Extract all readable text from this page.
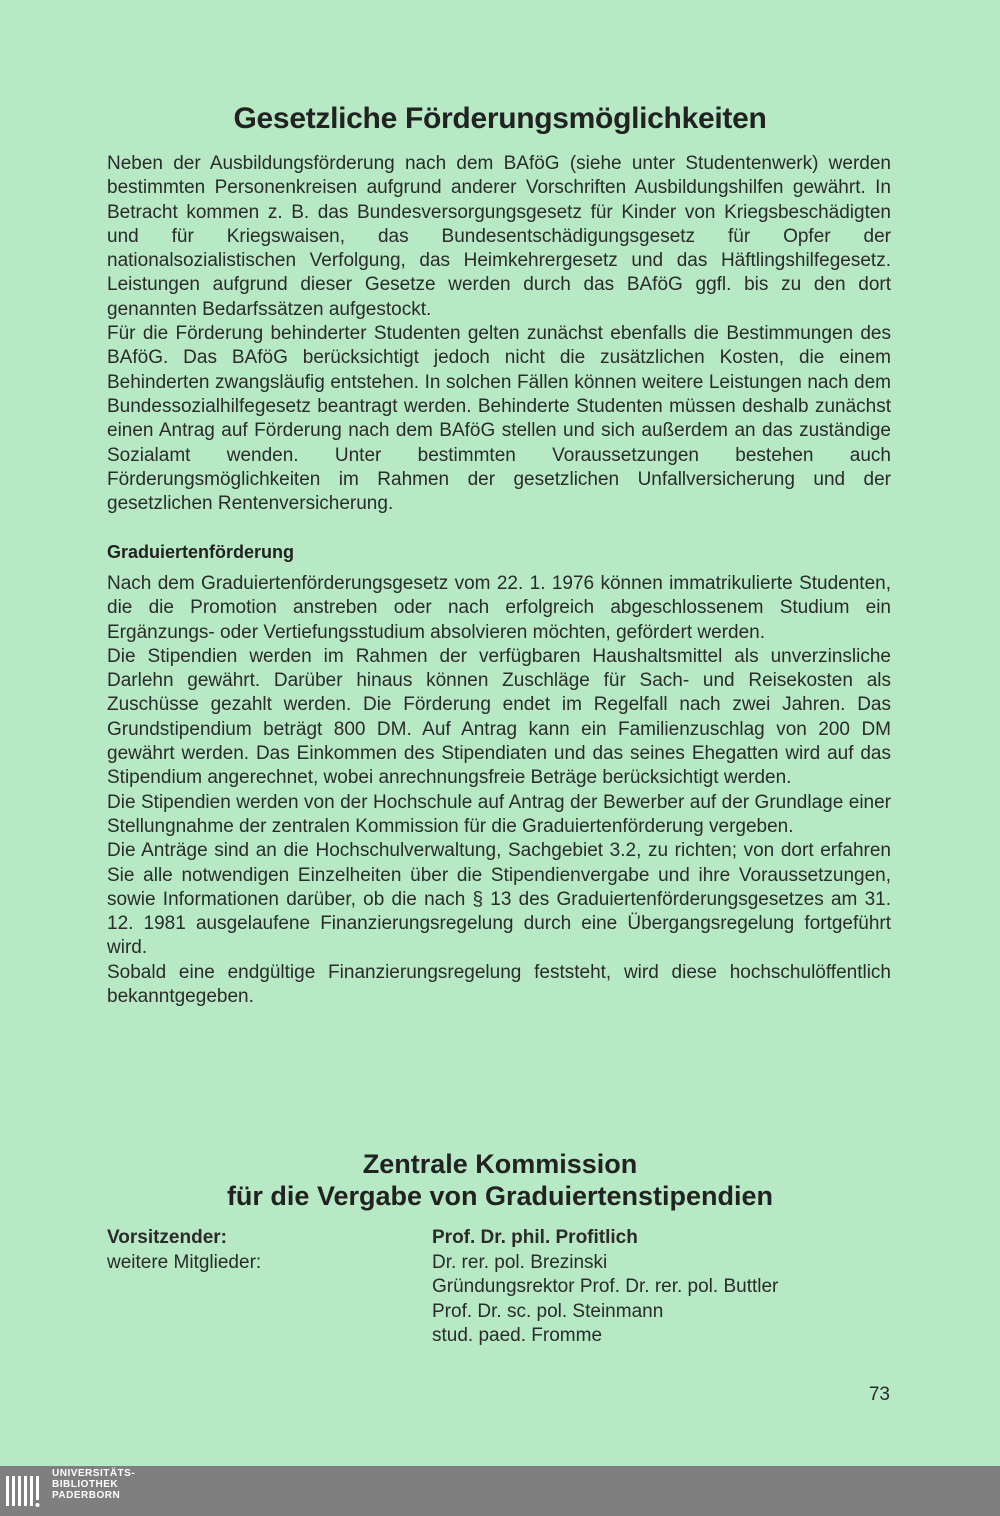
Gesetzliche Förderungsmöglichkeiten

Neben der Ausbildungsförderung nach dem BAföG (siehe unter Studentenwerk) werden bestimmten Personenkreisen aufgrund anderer Vorschriften Ausbildungshilfen gewährt. In Betracht kommen z. B. das Bundesversorgungsgesetz für Kinder von Kriegsbeschädigten und für Kriegswaisen, das Bundesentschädigungsgesetz für Opfer der nationalsozialistischen Verfolgung, das Heimkehrergesetz und das Häftlingshilfegesetz. Leistungen aufgrund dieser Gesetze werden durch das BAföG ggfl. bis zu den dort genannten Bedarfssätzen aufgestockt.

Für die Förderung behinderter Studenten gelten zunächst ebenfalls die Bestimmungen des BAföG. Das BAföG berücksichtigt jedoch nicht die zusätzlichen Kosten, die einem Behinderten zwangsläufig entstehen. In solchen Fällen können weitere Leistungen nach dem Bundessozialhilfegesetz beantragt werden. Behinderte Studenten müssen deshalb zunächst einen Antrag auf Förderung nach dem BAföG stellen und sich außerdem an das zuständige Sozialamt wenden. Unter bestimmten Voraussetzungen bestehen auch Förderungsmöglichkeiten im Rahmen der gesetzlichen Unfallversicherung und der gesetzlichen Rentenversicherung.

Graduiertenförderung

Nach dem Graduiertenförderungsgesetz vom 22. 1. 1976 können immatrikulierte Studenten, die die Promotion anstreben oder nach erfolgreich abgeschlossenem Studium ein Ergänzungs- oder Vertiefungsstudium absolvieren möchten, gefördert werden.

Die Stipendien werden im Rahmen der verfügbaren Haushaltsmittel als unverzinsliche Darlehn gewährt. Darüber hinaus können Zuschläge für Sach- und Reisekosten als Zuschüsse gezahlt werden. Die Förderung endet im Regelfall nach zwei Jahren. Das Grundstipendium beträgt 800 DM. Auf Antrag kann ein Familienzuschlag von 200 DM gewährt werden. Das Einkommen des Stipendiaten und das seines Ehegatten wird auf das Stipendium angerechnet, wobei anrechnungsfreie Beträge berücksichtigt werden.

Die Stipendien werden von der Hochschule auf Antrag der Bewerber auf der Grundlage einer Stellungnahme der zentralen Kommission für die Graduiertenförderung vergeben.

Die Anträge sind an die Hochschulverwaltung, Sachgebiet 3.2, zu richten; von dort erfahren Sie alle notwendigen Einzelheiten über die Stipendienvergabe und ihre Voraussetzungen, sowie Informationen darüber, ob die nach § 13 des Graduiertenförderungsgesetzes am 31. 12. 1981 ausgelaufene Finanzierungsregelung durch eine Übergangsregelung fortgeführt wird.

Sobald eine endgültige Finanzierungsregelung feststeht, wird diese hochschulöffentlich bekanntgegeben.

Zentrale Kommission
für die Vergabe von Graduiertenstipendien
Vorsitzender:
weitere Mitglieder:
Prof. Dr. phil. Profitlich
Dr. rer. pol. Brezinski
Gründungsrektor Prof. Dr. rer. pol. Buttler
Prof. Dr. sc. pol. Steinmann
stud. paed. Fromme
73
UNIVERSITÄTS-
BIBLIOTHEK
PADERBORN
